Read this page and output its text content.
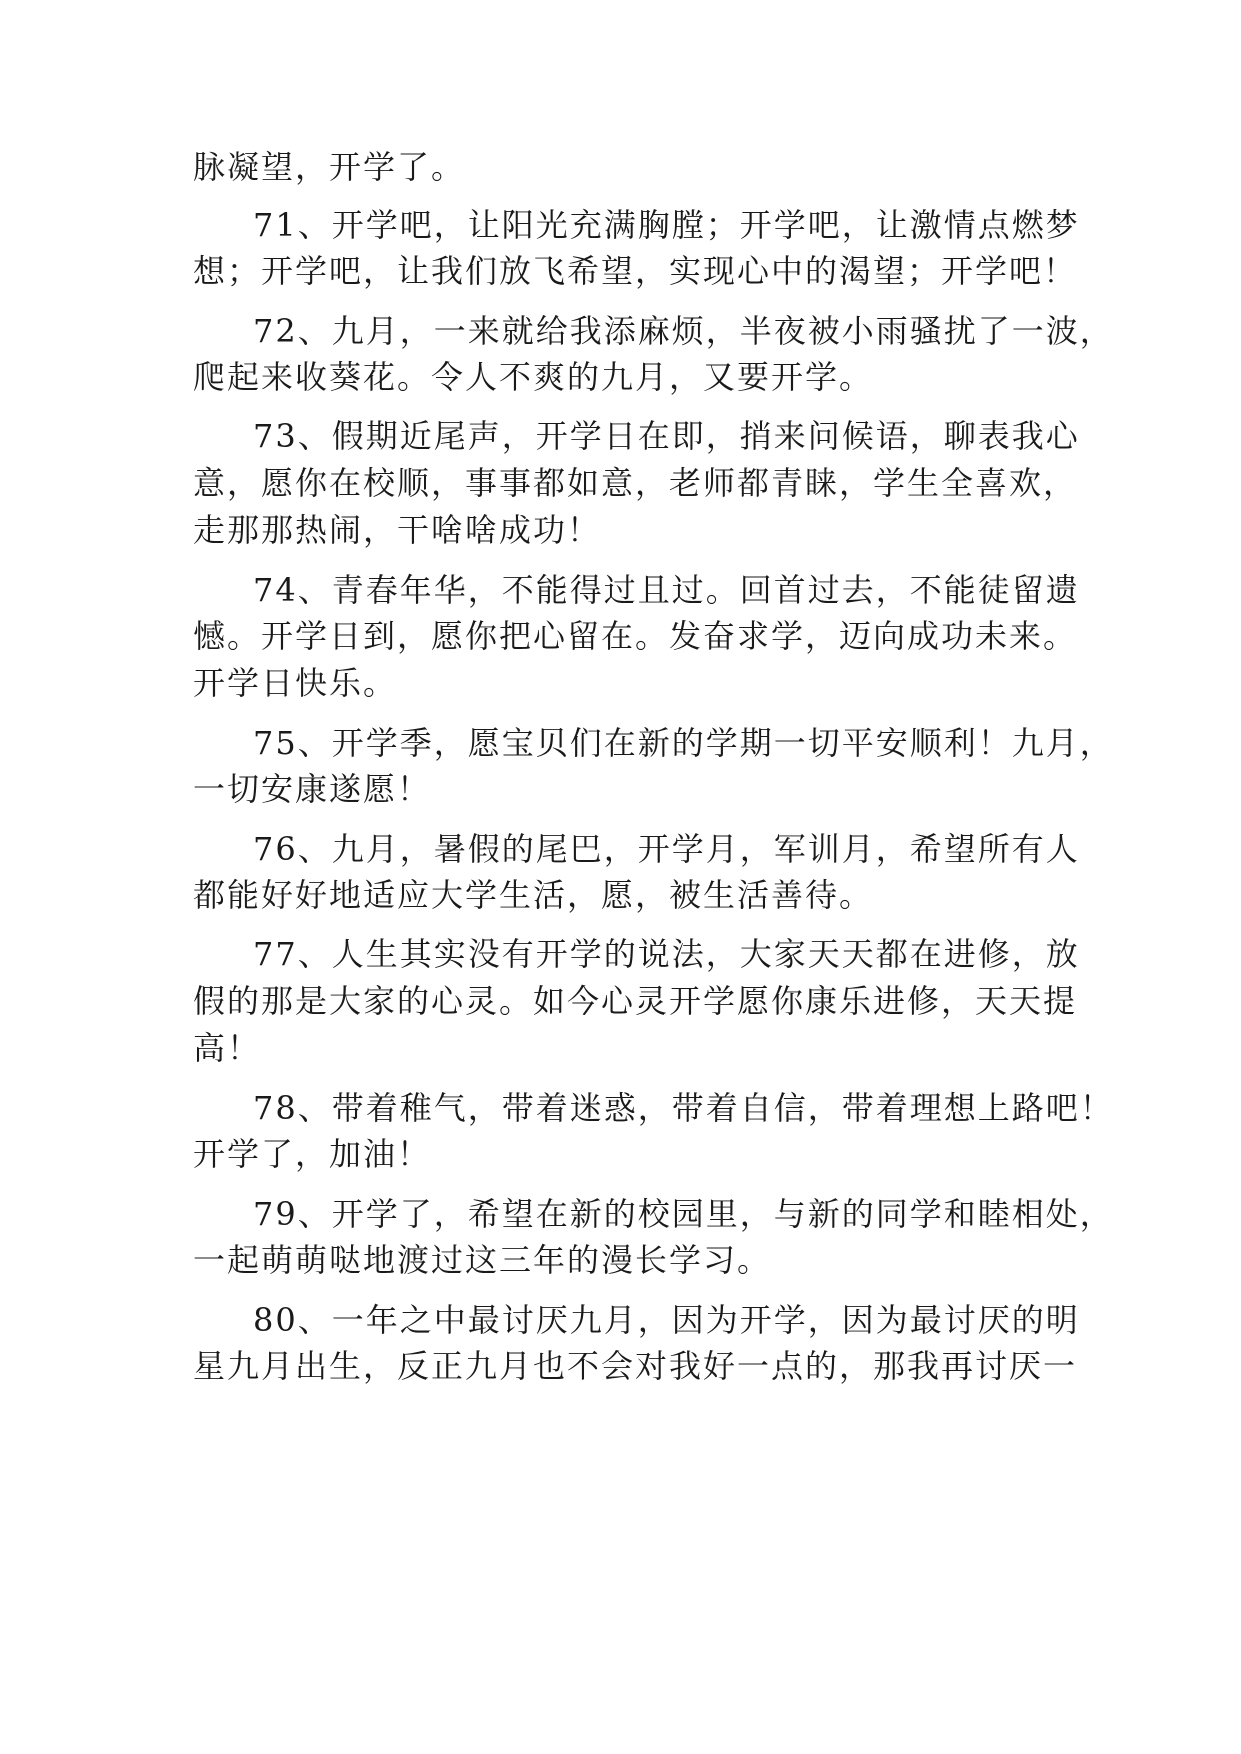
脉凝望，开学了。
71、开学吧，让阳光充满胸膛；开学吧，让激情点燃梦
想；开学吧，让我们放飞希望，实现心中的渴望；开学吧！
72、九月，一来就给我添麻烦，半夜被小雨骚扰了一波，
爬起来收葵花。令人不爽的九月，又要开学。
73、假期近尾声，开学日在即，捎来问候语，聊表我心
意，愿你在校顺，事事都如意，老师都青睐，学生全喜欢，
走那那热闹，干啥啥成功！
74、青春年华，不能得过且过。回首过去，不能徒留遗
憾。开学日到，愿你把心留在。发奋求学，迈向成功未来。
开学日快乐。
75、开学季，愿宝贝们在新的学期一切平安顺利！九月，
一切安康遂愿！
76、九月，暑假的尾巴，开学月，军训月，希望所有人
都能好好地适应大学生活，愿，被生活善待。
77、人生其实没有开学的说法，大家天天都在进修，放
假的那是大家的心灵。如今心灵开学愿你康乐进修，天天提
高！
78、带着稚气，带着迷惑，带着自信，带着理想上路吧！
开学了，加油！
79、开学了，希望在新的校园里，与新的同学和睦相处，
一起萌萌哒地渡过这三年的漫长学习。
80、一年之中最讨厌九月，因为开学，因为最讨厌的明
星九月出生，反正九月也不会对我好一点的，那我再讨厌一
